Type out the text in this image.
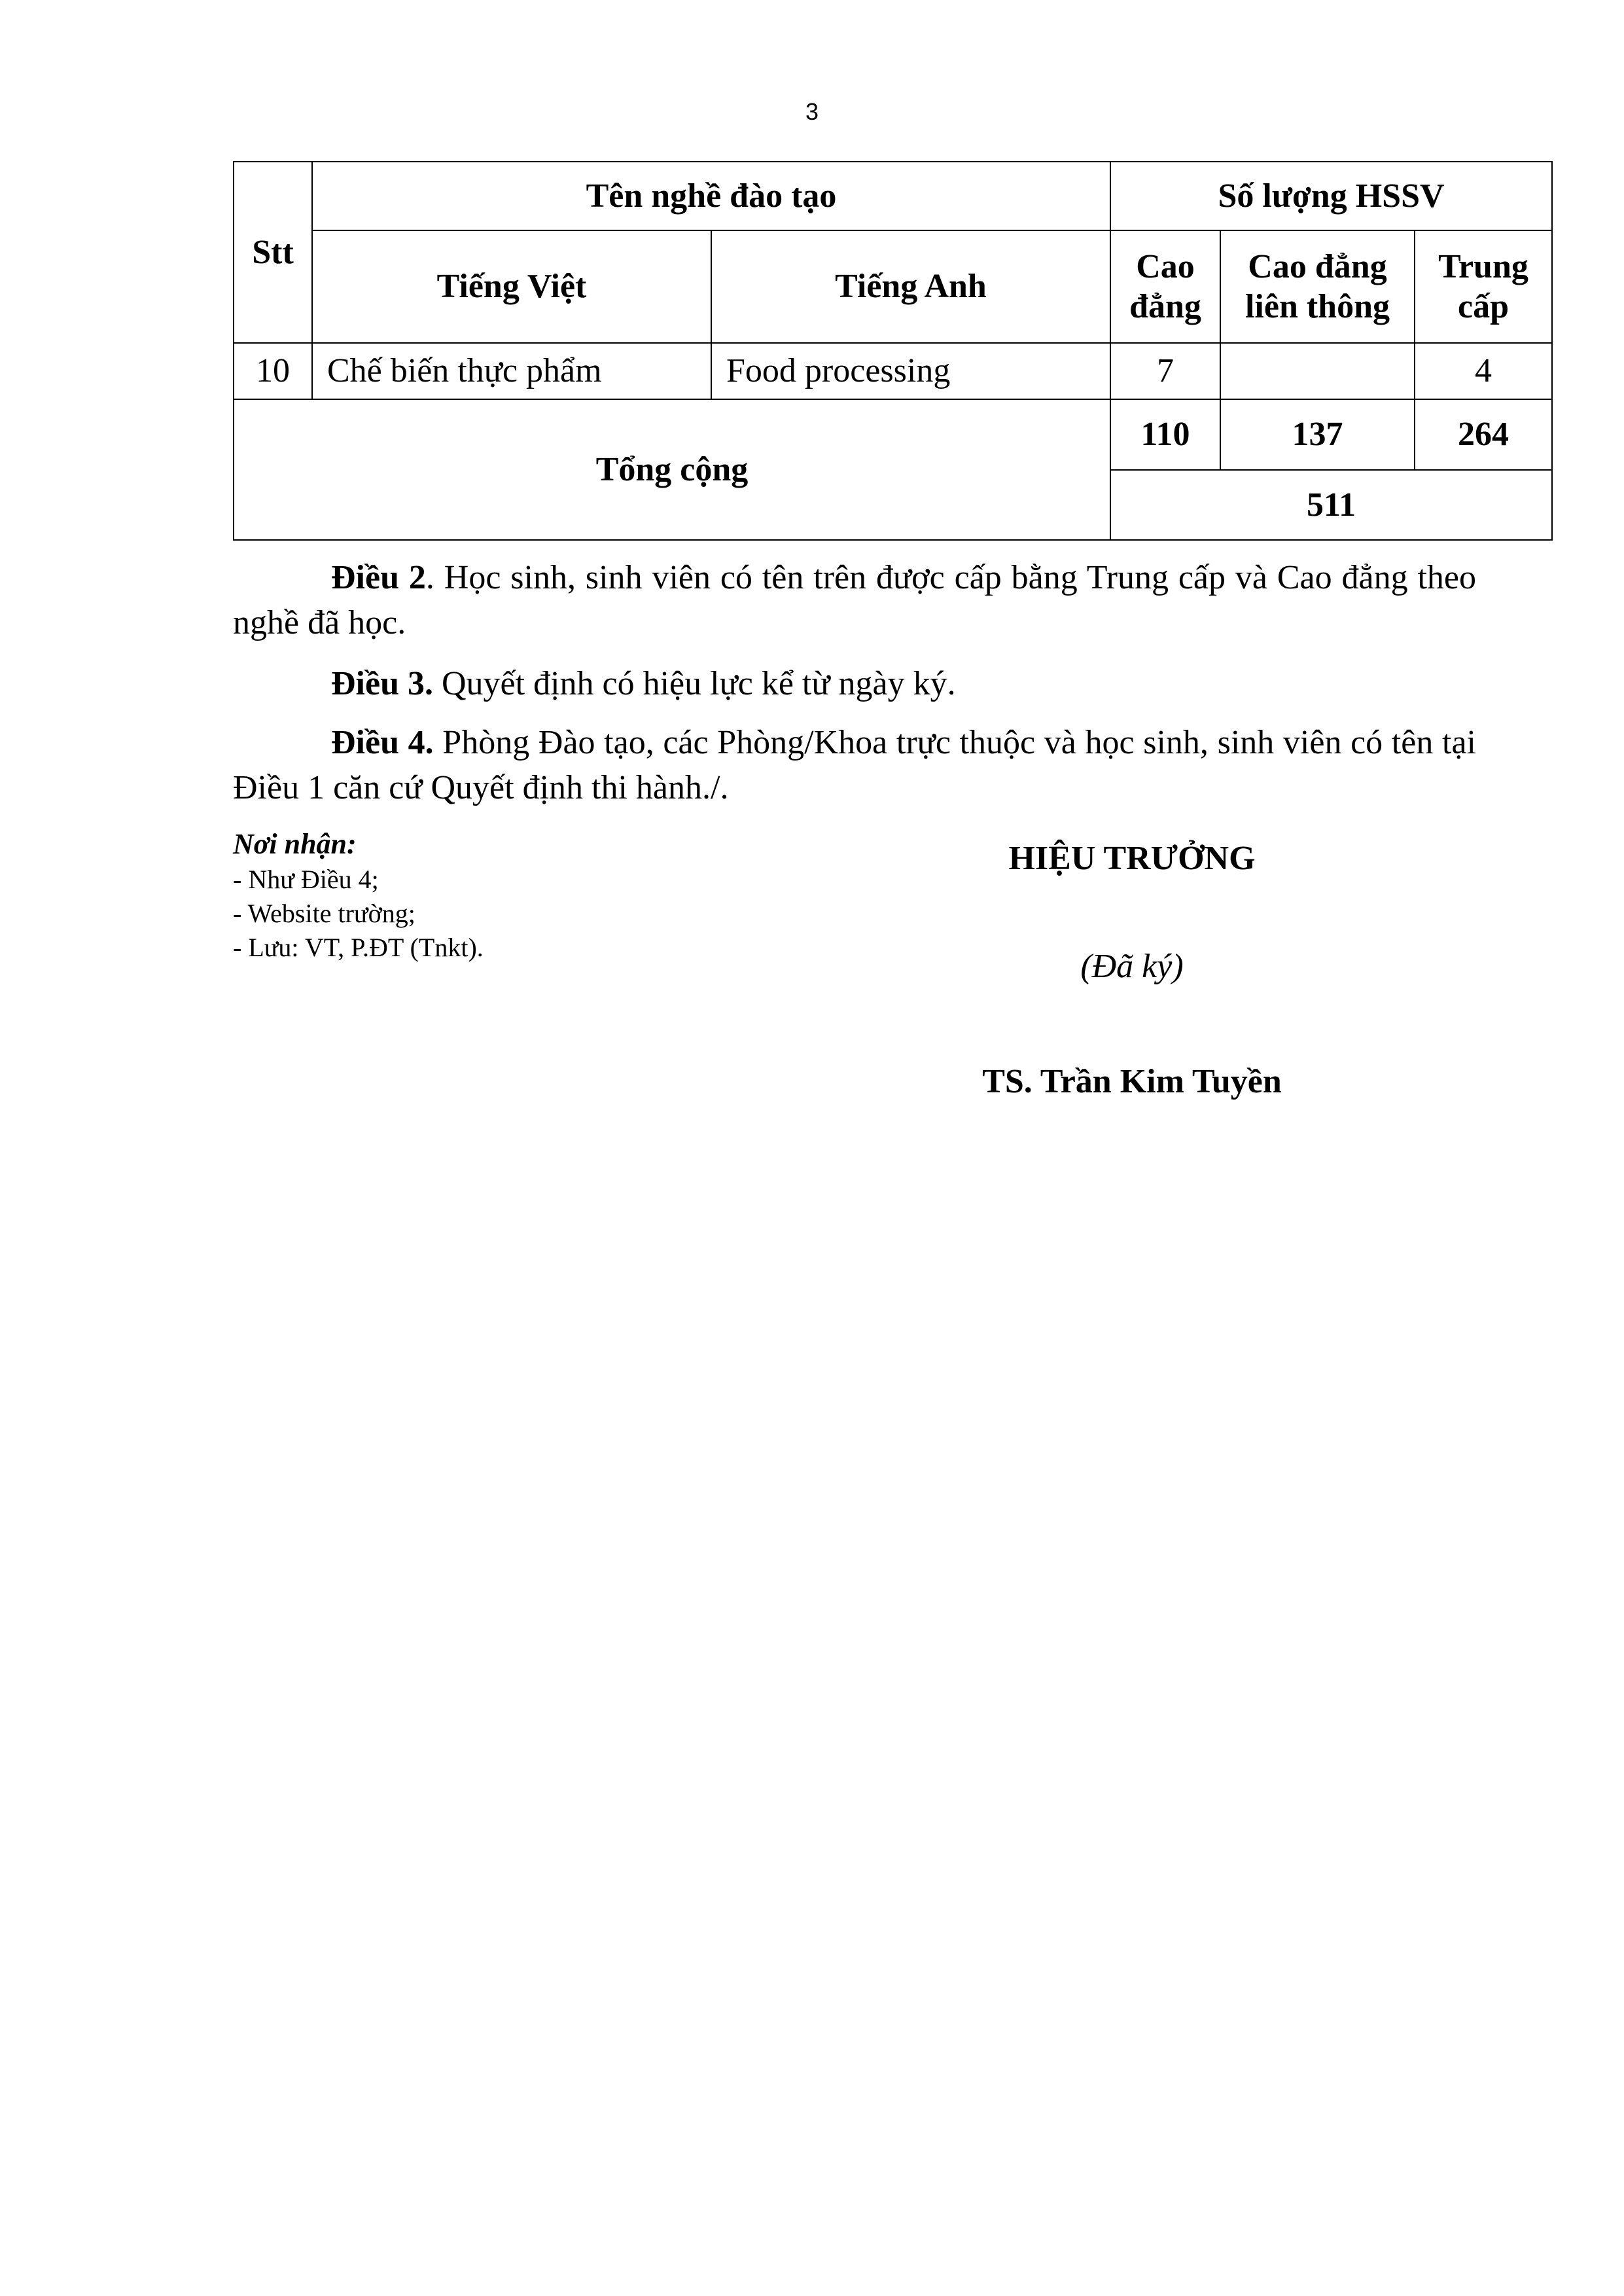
3
Stt	Tên nghề đào tạo		Số lượng HSSV		
	Tiếng Việt	Tiếng Anh	Cao đẳng	Cao đẳng liên thông	Trung cấp
10	Chế biến thực phẩm	Food processing	7		4
Tổng cộng			110	137	264
			511		

Điều 2. Học sinh, sinh viên có tên trên được cấp bằng Trung cấp và Cao đẳng theo nghề đã học.

Điều 3. Quyết định có hiệu lực kể từ ngày ký.

Điều 4. Phòng Đào tạo, các Phòng/Khoa trực thuộc và học sinh, sinh viên có tên tại Điều 1 căn cứ Quyết định thi hành./.

Nơi nhận:
- Như Điều 4;
- Website trường;
- Lưu: VT, P.ĐT (Tnkt).
HIỆU TRƯỞNG
(Đã ký)
TS. Trần Kim Tuyền
